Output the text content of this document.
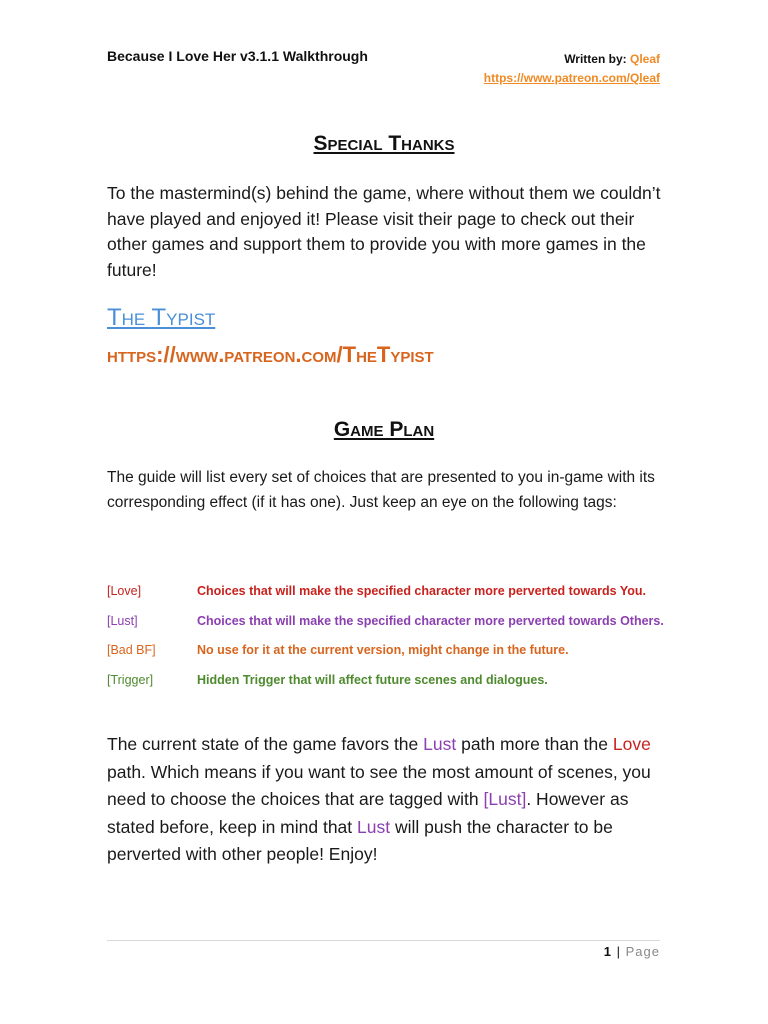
Because I Love Her v3.1.1 Walkthrough	Written by: Qleaf
https://www.patreon.com/Qleaf
Special Thanks
To the mastermind(s) behind the game, where without them we couldn’t have played and enjoyed it! Please visit their page to check out their other games and support them to provide you with more games in the future!
The Typist
https://www.patreon.com/TheTypist
Game Plan
The guide will list every set of choices that are presented to you in-game with its corresponding effect (if it has one). Just keep an eye on the following tags:
[Love]	Choices that will make the specified character more perverted towards You.
[Lust]	Choices that will make the specified character more perverted towards Others.
[Bad BF]	No use for it at the current version, might change in the future.
[Trigger]	Hidden Trigger that will affect future scenes and dialogues.
The current state of the game favors the Lust path more than the Love path. Which means if you want to see the most amount of scenes, you need to choose the choices that are tagged with [Lust]. However as stated before, keep in mind that Lust will push the character to be perverted with other people! Enjoy!
1 | Page
